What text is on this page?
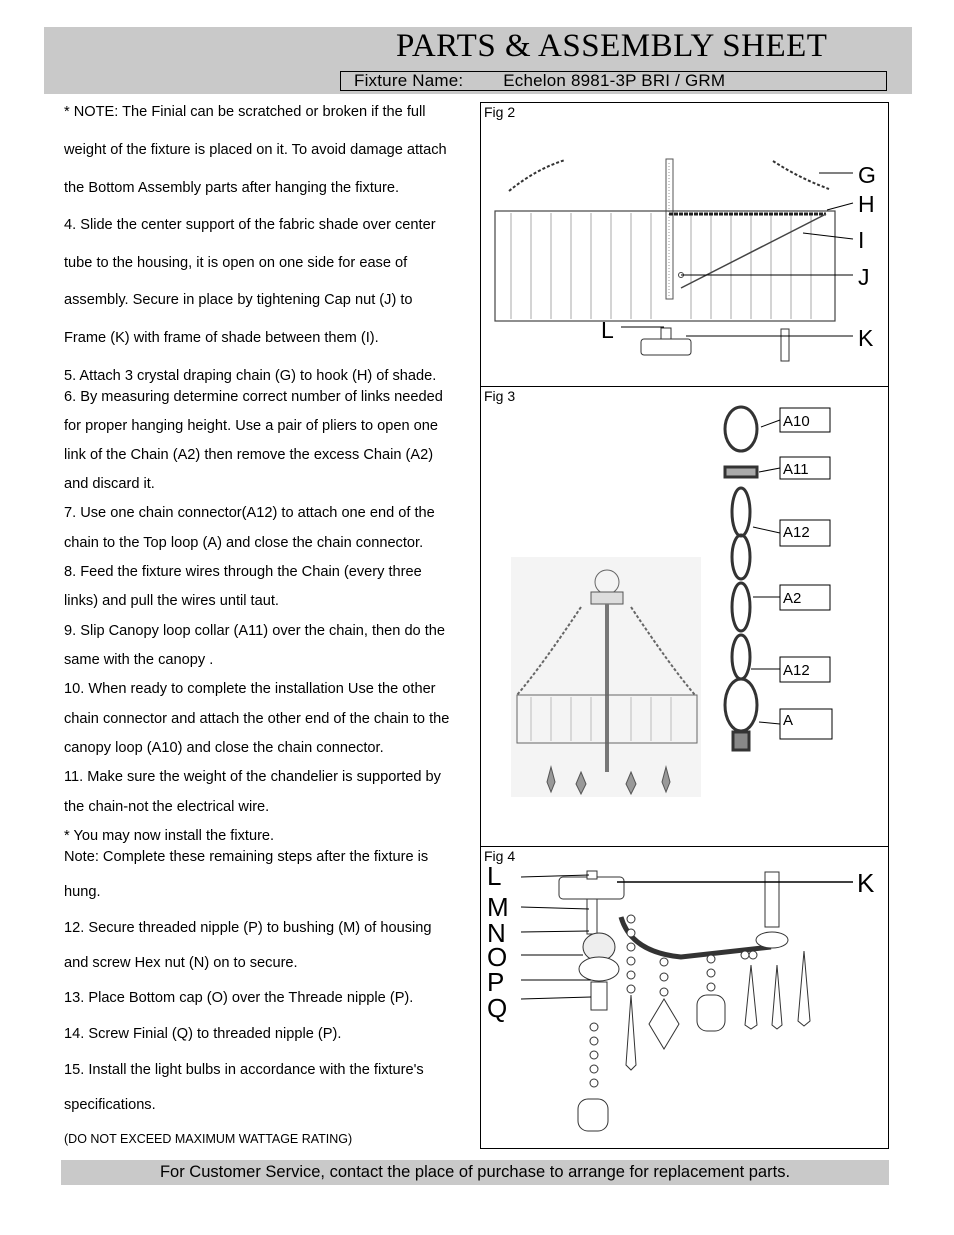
PARTS & ASSEMBLY SHEET
Fixture Name: Echelon 8981-3P BRI / GRM
* NOTE: The Finial can be scratched or broken if the full
weight of the fixture is placed on it. To avoid damage attach
the Bottom Assembly parts after hanging the fixture.
4. Slide the center support of the fabric shade over center
tube to the housing, it is open on one side for ease of
assembly. Secure in place by tightening Cap nut (J) to
Frame (K) with frame of shade between them (I).
5. Attach 3 crystal draping chain (G) to hook (H) of shade.
6. By measuring determine correct number of links needed
for proper hanging height. Use a pair of pliers to open one
link of the Chain (A2) then remove the excess Chain (A2)
and discard it.
7. Use one chain connector(A12) to attach one end of the
chain to the Top loop (A) and close the chain connector.
8. Feed the fixture wires through the Chain (every three
links) and pull the wires until taut.
9. Slip Canopy loop collar (A11) over the chain, then do the
same with the canopy .
10. When ready to complete the installation Use the other
chain connector and attach the other end of the chain to the
canopy loop (A10) and close the chain connector.
11. Make sure the weight of the chandelier is supported by
the chain-not the electrical wire.
* You may now install the fixture.
Note: Complete these remaining steps after the fixture is
hung.
12. Secure threaded nipple (P) to bushing (M) of housing
and screw Hex nut (N) on to secure.
13. Place Bottom cap (O) over the Threade nipple (P).
14. Screw Finial (Q) to threaded nipple (P).
15. Install the light bulbs in accordance with the fixture's
specifications.
(DO NOT EXCEED MAXIMUM WATTAGE RATING)
G
H
I
J
K
L
Fig 2
A10
A11
A12
A2
A12
A
Fig 3
L
M
N
O
P
Q
K
Fig 4
For Customer Service, contact the place of purchase to arrange for replacement parts.
